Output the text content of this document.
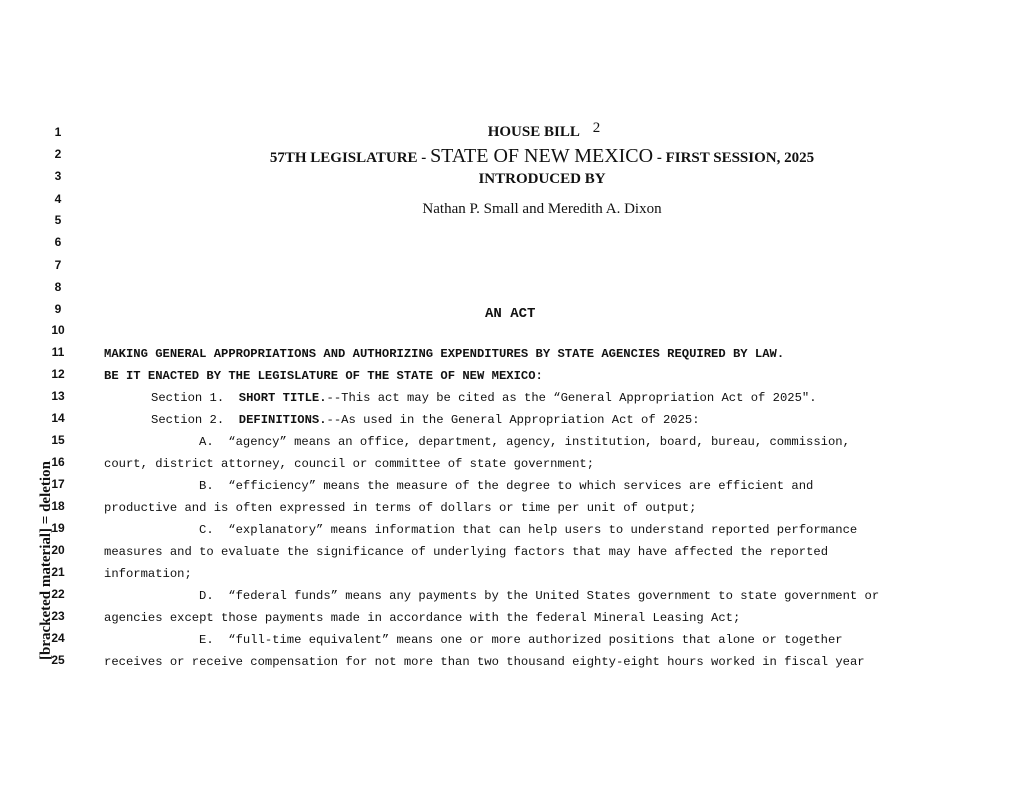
1
2
3
4
5
6
7
8
9
10
11
12
13
14
15
16
17
18
19
20
21
22
23
24
25
[bracketed material] = deletion
HOUSE BILL 2
57TH LEGISLATURE - STATE OF NEW MEXICO - FIRST SESSION, 2025
INTRODUCED BY
Nathan P. Small and Meredith A. Dixon
AN ACT
MAKING GENERAL APPROPRIATIONS AND AUTHORIZING EXPENDITURES BY STATE AGENCIES REQUIRED BY LAW.
BE IT ENACTED BY THE LEGISLATURE OF THE STATE OF NEW MEXICO:
Section 1.  SHORT TITLE.--This act may be cited as the “General Appropriation Act of 2025".
Section 2.  DEFINITIONS.--As used in the General Appropriation Act of 2025:
A.  “agency” means an office, department, agency, institution, board, bureau, commission,
court, district attorney, council or committee of state government;
B.  “efficiency” means the measure of the degree to which services are efficient and
productive and is often expressed in terms of dollars or time per unit of output;
C.  “explanatory” means information that can help users to understand reported performance
measures and to evaluate the significance of underlying factors that may have affected the reported
information;
D.  “federal funds” means any payments by the United States government to state government or
agencies except those payments made in accordance with the federal Mineral Leasing Act;
E.  “full-time equivalent” means one or more authorized positions that alone or together
receives or receive compensation for not more than two thousand eighty-eight hours worked in fiscal year
